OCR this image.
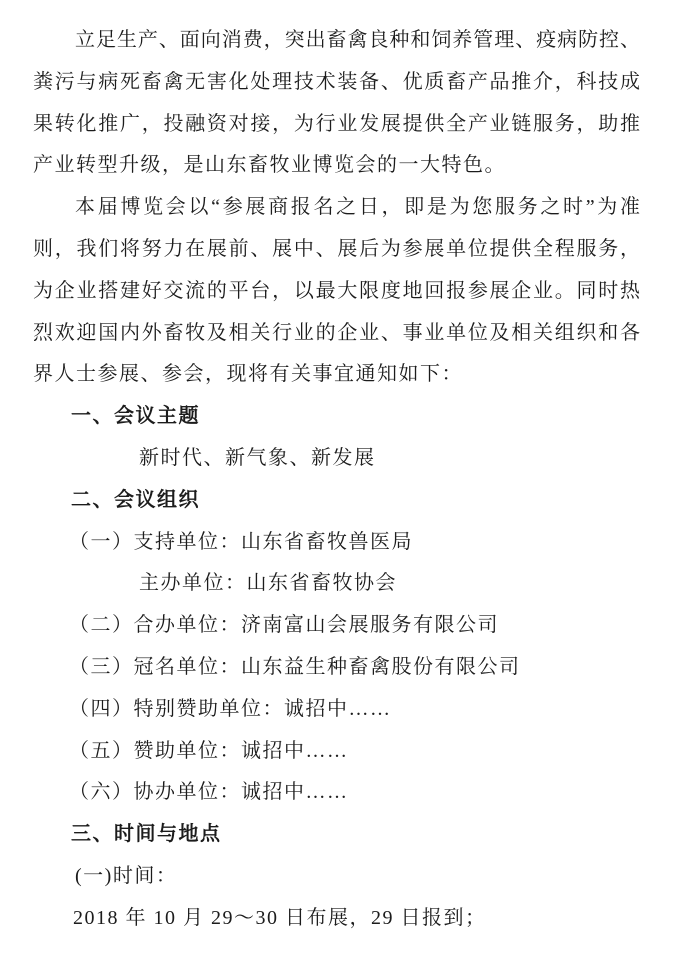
立足生产、面向消费，突出畜禽良种和饲养管理、疫病防控、
粪污与病死畜禽无害化处理技术装备、优质畜产品推介，科技成
果转化推广，投融资对接，为行业发展提供全产业链服务，助推
产业转型升级，是山东畜牧业博览会的一大特色。
本届博览会以“参展商报名之日，即是为您服务之时”为准
则，我们将努力在展前、展中、展后为参展单位提供全程服务，
为企业搭建好交流的平台，以最大限度地回报参展企业。同时热
烈欢迎国内外畜牧及相关行业的企业、事业单位及相关组织和各
界人士参展、参会，现将有关事宜通知如下：
一、会议主题
新时代、新气象、新发展
二、会议组织
（一）支持单位：山东省畜牧兽医局
主办单位：山东省畜牧协会
（二）合办单位：济南富山会展服务有限公司
（三）冠名单位：山东益生种畜禽股份有限公司
（四）特别赞助单位：诚招中……
（五）赞助单位：诚招中……
（六）协办单位：诚招中……
三、时间与地点
(一)时间：
2018 年 10 月 29～30 日布展，29 日报到；
